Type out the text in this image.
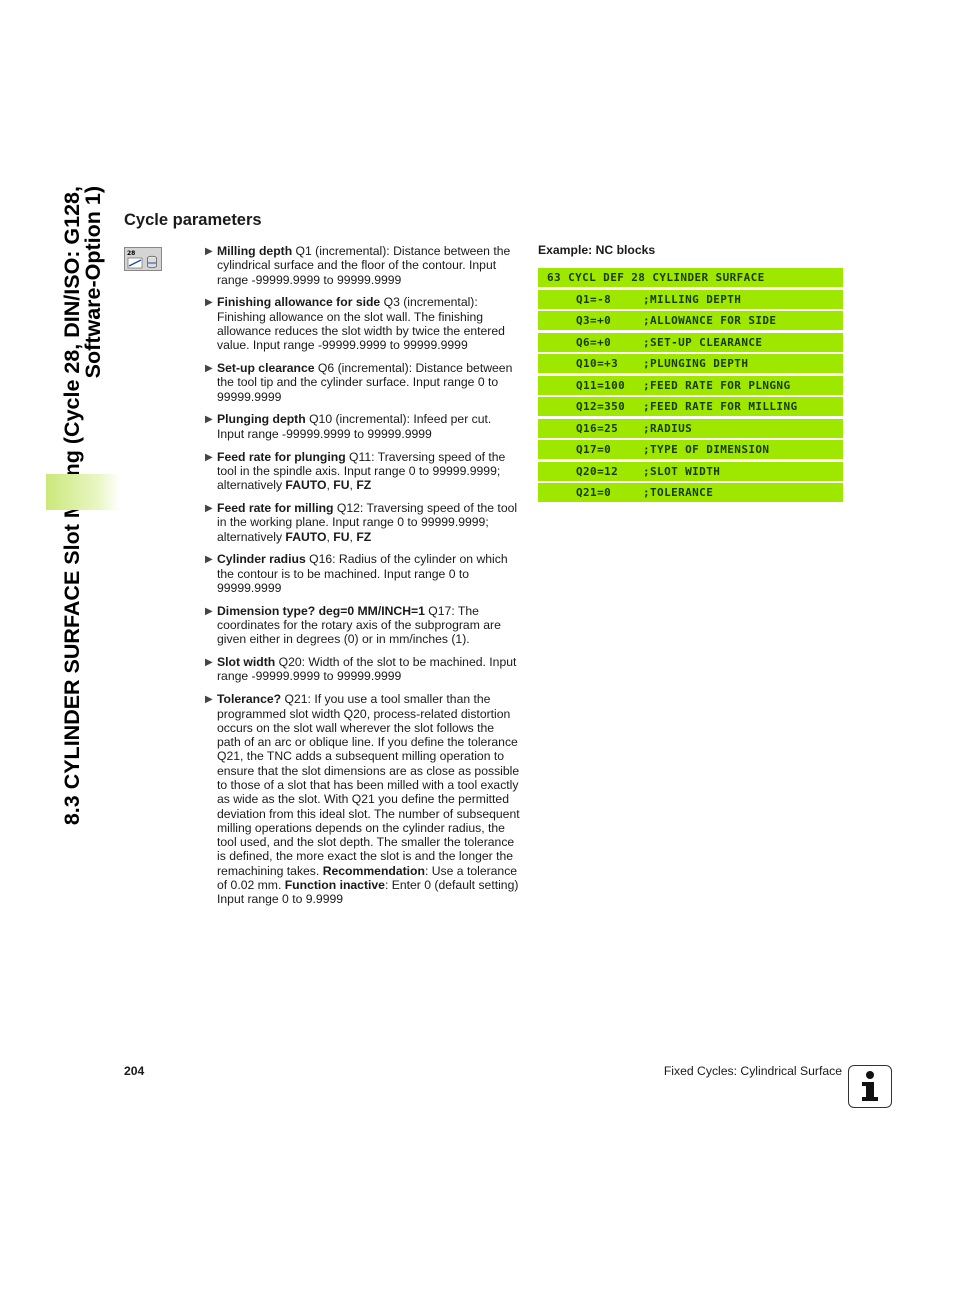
8.3 CYLINDER SURFACE Slot (Cycle 28, DIN/ISO: G128, Software-Option 1)
Cycle parameters
28	▶ Milling depth Q1 (incremental): Distance between the cylindrical surface and the floor of the contour. Input range -99999.9999 to 99999.9999
▶ Finishing allowance for side Q3 (incremental): Finishing allowance on the slot wall. The finishing allowance reduces the slot width by twice the entered value. Input range -99999.9999 to 99999.9999
▶ Set-up clearance Q6 (incremental): Distance between the tool tip and the cylinder surface. Input range 0 to 99999.9999
▶ Plunging depth Q10 (incremental): Infeed per cut. Input range -99999.9999 to 99999.9999
▶ Feed rate for plunging Q11: Traversing speed of the tool in the spindle axis. Input range 0 to 99999.9999; alternatively FAUTO, FU, FZ
▶ Feed rate for milling Q12: Traversing speed of the tool in the working plane. Input range 0 to 99999.9999; alternatively FAUTO, FU, FZ
▶ Cylinder radius Q16: Radius of the cylinder on which the contour is to be machined. Input range 0 to 99999.9999
▶ Dimension type? deg=0 MM/INCH=1 Q17: The coordinates for the rotary axis of the subprogram are given either in degrees (0) or in mm/inches (1).
▶ Slot width Q20: Width of the slot to be machined. Input range -99999.9999 to 99999.9999
▶ Tolerance? Q21: If you use a tool smaller than the programmed slot width Q20, process-related distortion occurs on the slot wall wherever the slot follows the path of an arc or oblique line. If you define the tolerance Q21, the TNC adds a subsequent milling operation to ensure that the slot dimensions are as close as possible to those of a slot that has been milled with a tool exactly as wide as the slot. With Q21 you define the permitted deviation from this ideal slot. The number of subsequent milling operations depends on the cylinder radius, the tool used, and the slot depth. The smaller the tolerance is defined, the more exact the slot is and the longer the remachining takes. Recommendation: Use a tolerance of 0.02 mm. Function inactive: Enter 0 (default setting) Input range 0 to 9.9999
Example: NC blocks
63 CYCL DEF 28 CYLINDER SURFACE
Q1=-8	;MILLING DEPTH
Q3=+0	;ALLOWANCE FOR SIDE
Q6=+0	;SET-UP CLEARANCE
Q10=+3 ;PLUNGING DEPTH
Q11=100 ;FEED RATE FOR PLNGNG
Q12=350 ;FEED RATE FOR MILLING
Q16=25 ;RADIUS
Q17=0	;TYPE OF DIMENSION
Q20=12 ;SLOT WIDTH
Q21=0	;TOLERANCE
204	Fixed Cycles: Cylindrical Surface
